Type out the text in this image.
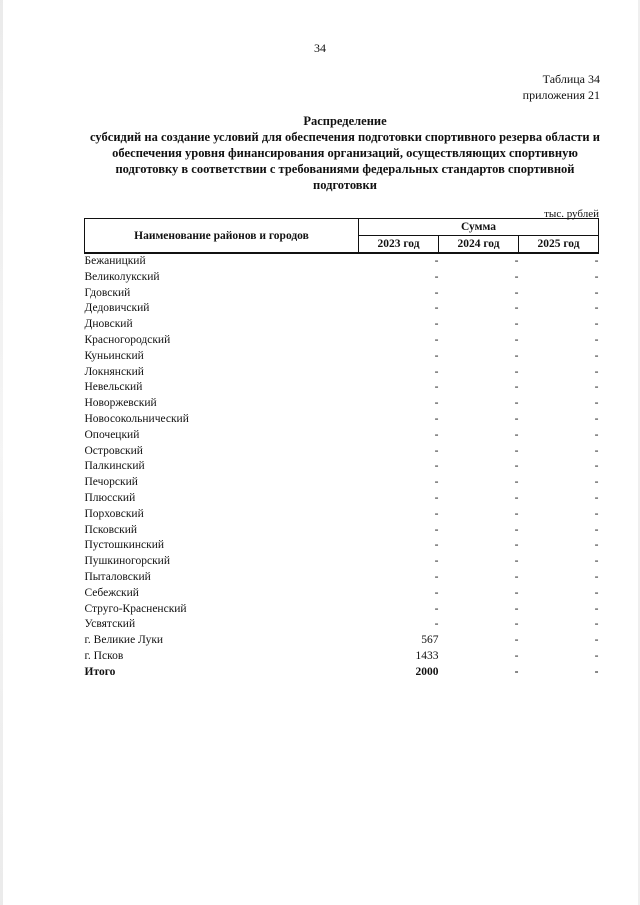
34
Таблица 34
приложения 21
Распределение
субсидий на создание условий для обеспечения подготовки спортивного резерва области и обеспечения уровня финансирования организаций, осуществляющих спортивную подготовку в соответствии с требованиями федеральных стандартов спортивной подготовки
тыс. рублей
Наименование районов и городов	Сумма		
	2023 год	2024 год	2025 год
Бежаницкий	-	-	-
Великолукский	-	-	-
Гдовский	-	-	-
Дедовичский	-	-	-
Дновский	-	-	-
Красногородский	-	-	-
Куньинский	-	-	-
Локнянский	-	-	-
Невельский	-	-	-
Новоржевский	-	-	-
Новосокольнический	-	-	-
Опочецкий	-	-	-
Островский	-	-	-
Палкинский	-	-	-
Печорский	-	-	-
Плюсский	-	-	-
Порховский	-	-	-
Псковский	-	-	-
Пустошкинский	-	-	-
Пушкиногорский	-	-	-
Пыталовский	-	-	-
Себежский	-	-	-
Струго-Красненский	-	-	-
Усвятский	-	-	-
г. Великие Луки	567	-	-
г. Псков	1433	-	-
Итого	2000	-	-
